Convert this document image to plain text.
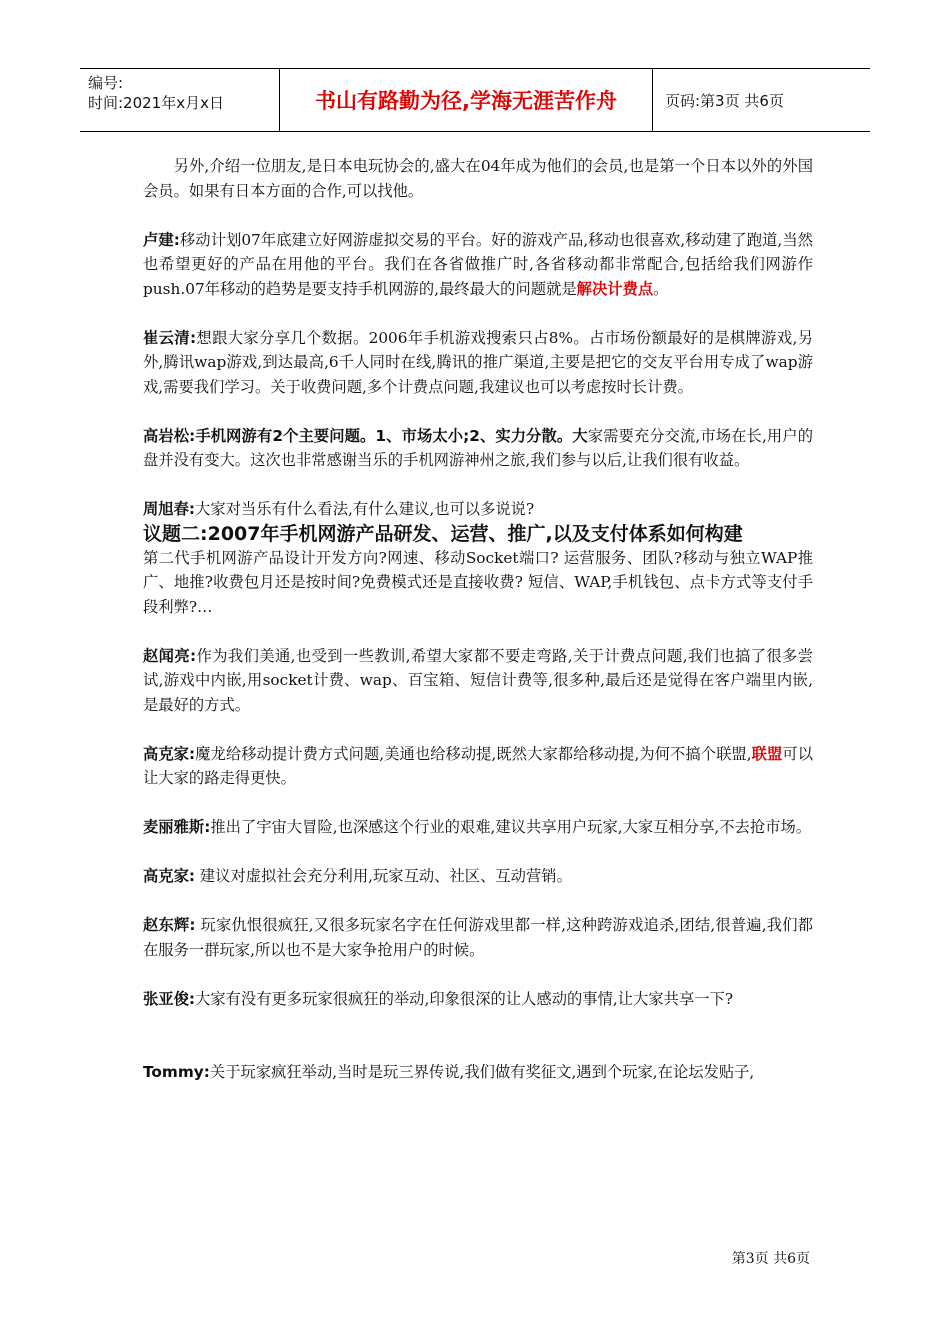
编号:
时间:2021年x月x日	书山有路勤为径,学海无涯苦作舟	页码:第3页 共6页

另外,介绍一位朋友,是日本电玩协会的,盛大在04年成为他们的会员,也是第一个日本以外的外国会员。如果有日本方面的合作,可以找他。

卢建:移动计划07年底建立好网游虚拟交易的平台。好的游戏产品,移动也很喜欢,移动建了跑道,当然也希望更好的产品在用他的平台。我们在各省做推广时,各省移动都非常配合,包括给我们网游作push.07年移动的趋势是要支持手机网游的,最终最大的问题就是解决计费点。

崔云清:想跟大家分享几个数据。2006年手机游戏搜索只占8%。占市场份额最好的是棋牌游戏,另外,腾讯wap游戏,到达最高,6千人同时在线,腾讯的推广渠道,主要是把它的交友平台用专成了wap游戏,需要我们学习。关于收费问题,多个计费点问题,我建议也可以考虑按时长计费。

高岩松:手机网游有2个主要问题。1、市场太小;2、实力分散。大家需要充分交流,市场在长,用户的盘并没有变大。这次也非常感谢当乐的手机网游神州之旅,我们参与以后,让我们很有收益。

周旭春:大家对当乐有什么看法,有什么建议,也可以多说说?

议题二:2007年手机网游产品研发、运营、推广,以及支付体系如何构建

第二代手机网游产品设计开发方向?网速、移动Socket端口? 运营服务、团队?移动与独立WAP推广、地推?收费包月还是按时间?免费模式还是直接收费? 短信、WAP,手机钱包、点卡方式等支付手段利弊?…

赵闻亮:作为我们美通,也受到一些教训,希望大家都不要走弯路,关于计费点问题,我们也搞了很多尝试,游戏中内嵌,用socket计费、wap、百宝箱、短信计费等,很多种,最后还是觉得在客户端里内嵌,是最好的方式。

高克家:魔龙给移动提计费方式问题,美通也给移动提,既然大家都给移动提,为何不搞个联盟,联盟可以让大家的路走得更快。

麦丽雅斯:推出了宇宙大冒险,也深感这个行业的艰难,建议共享用户玩家,大家互相分享,不去抢市场。

高克家: 建议对虚拟社会充分利用,玩家互动、社区、互动营销。

赵东辉: 玩家仇恨很疯狂,又很多玩家名字在任何游戏里都一样,这种跨游戏追杀,团结,很普遍,我们都在服务一群玩家,所以也不是大家争抢用户的时候。

张亚俊:大家有没有更多玩家很疯狂的举动,印象很深的让人感动的事情,让大家共享一下?

Tommy:关于玩家疯狂举动,当时是玩三界传说,我们做有奖征文,遇到个玩家,在论坛发贴子,

第3页 共6页
